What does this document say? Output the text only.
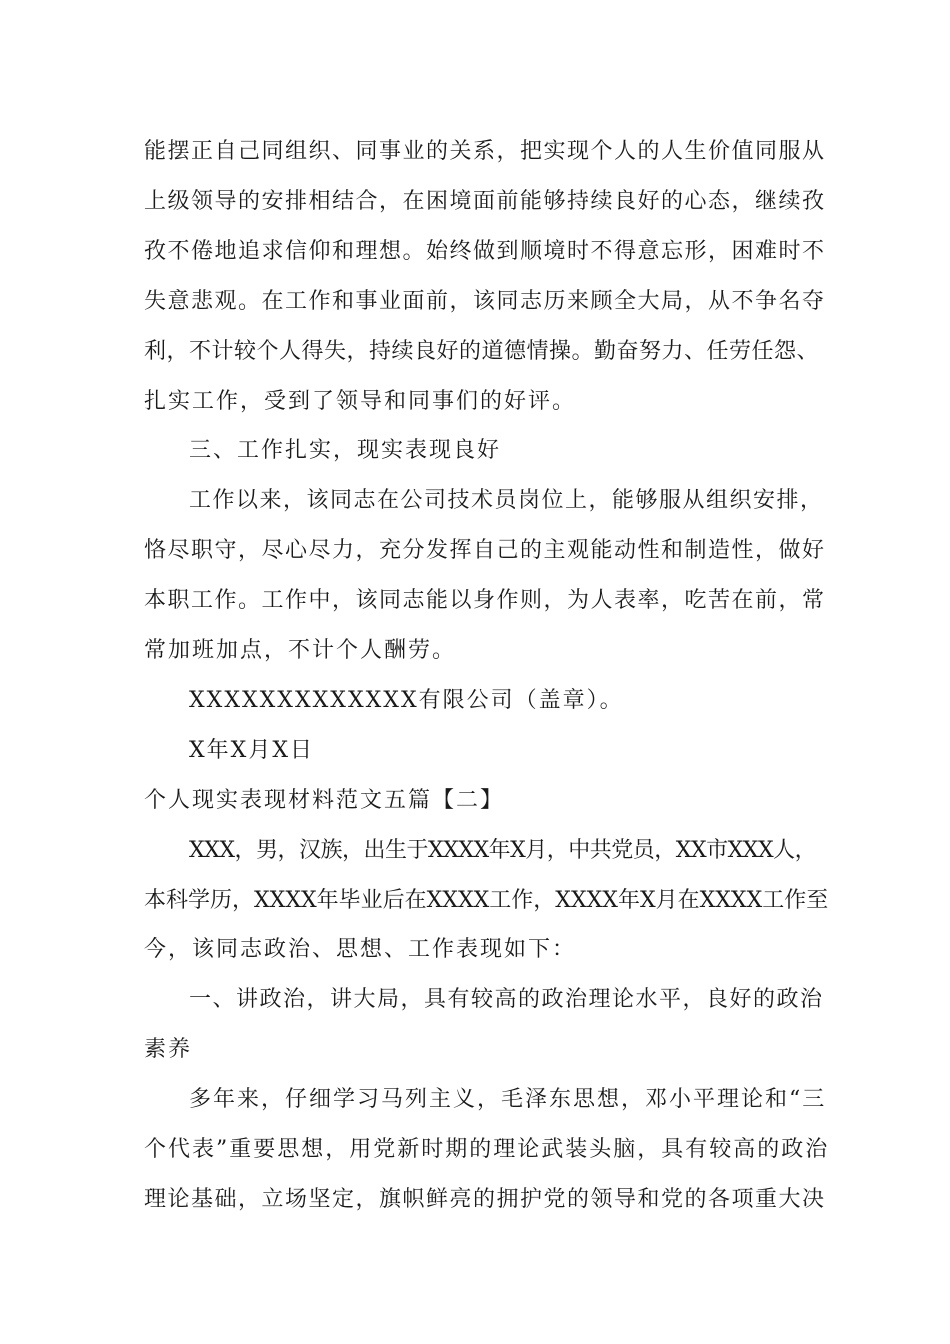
能摆正自己同组织、同事业的关系，把实现个人的人生价值同服从
上级领导的安排相结合，在困境面前能够持续良好的心态，继续孜
孜不倦地追求信仰和理想。始终做到顺境时不得意忘形，困难时不
失意悲观。在工作和事业面前，该同志历来顾全大局，从不争名夺
利，不计较个人得失，持续良好的道德情操。勤奋努力、任劳任怨、
扎实工作，受到了领导和同事们的好评。
三、工作扎实，现实表现良好
工作以来，该同志在公司技术员岗位上，能够服从组织安排，
恪尽职守，尽心尽力，充分发挥自己的主观能动性和制造性，做好
本职工作。工作中，该同志能以身作则，为人表率，吃苦在前，常
常加班加点，不计个人酬劳。
XXXXXXXXXXXXX有限公司（盖章）。
X年X月X日
个人现实表现材料范文五篇【二】
XXX，男，汉族，出生于XXXX年X月，中共党员，XX市XXX人，
本科学历，XXXX年毕业后在XXXX工作，XXXX年X月在XXXX工作至
今，该同志政治、思想、工作表现如下：
一、讲政治，讲大局，具有较高的政治理论水平，良好的政治
素养
多年来，仔细学习马列主义，毛泽东思想，邓小平理论和“三
个代表”重要思想，用党新时期的理论武装头脑，具有较高的政治
理论基础，立场坚定，旗帜鲜亮的拥护党的领导和党的各项重大决
